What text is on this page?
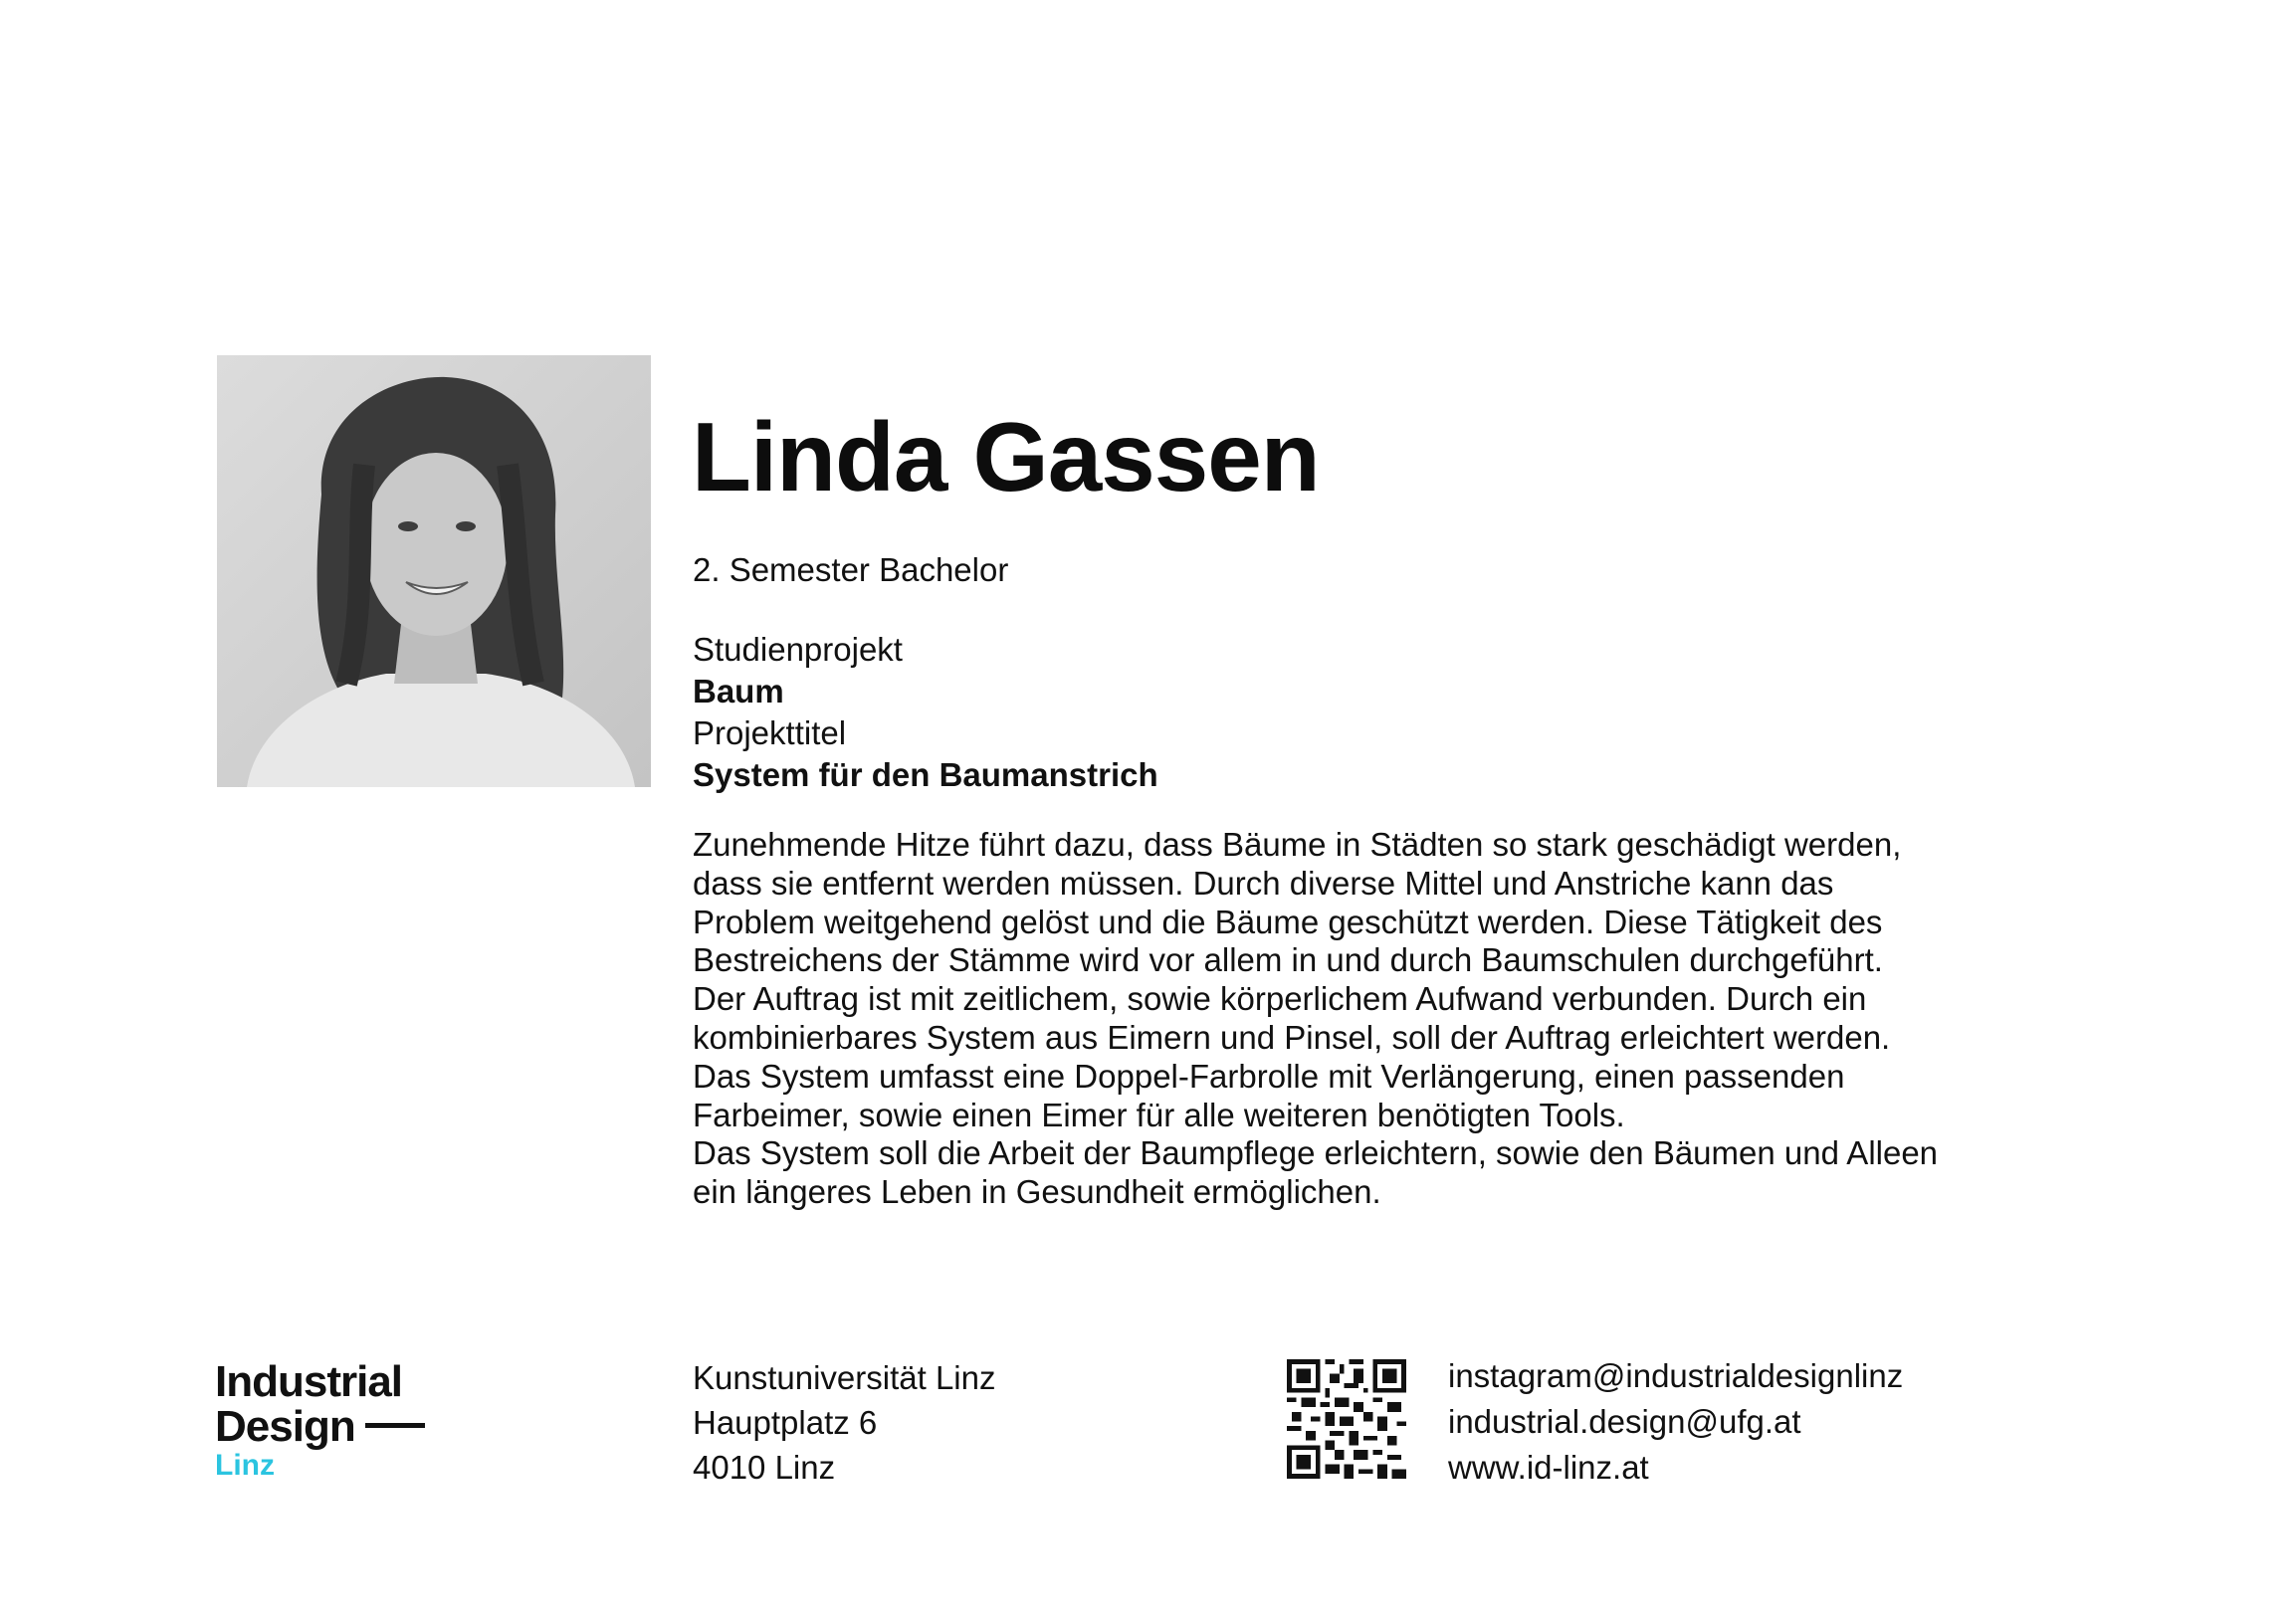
Linda Gassen
2. Semester Bachelor
Studienprojekt
Baum
Projekttitel
System für den Baumanstrich

Zunehmende Hitze führt dazu, dass Bäume in Städten so stark geschädigt werden,

dass sie entfernt werden müssen. Durch diverse Mittel und Anstriche kann das

Problem weitgehend gelöst und die Bäume geschützt werden. Diese Tätigkeit des

Bestreichens der Stämme wird vor allem in und durch Baumschulen durchgeführt.

Der Auftrag ist mit zeitlichem, sowie körperlichem Aufwand verbunden. Durch ein

kombinierbares System aus Eimern und Pinsel, soll der Auftrag erleichtert werden.

Das System umfasst eine Doppel-Farbrolle mit Verlängerung, einen passenden

Farbeimer, sowie einen Eimer für alle weiteren benötigten Tools.

Das System soll die Arbeit der Baumpflege erleichtern, sowie den Bäumen und Alleen

ein längeres Leben in Gesundheit ermöglichen.

Industrial
Design
Linz
Kunstuniversität Linz
Hauptplatz 6
4010 Linz
instagram@industrialdesignlinz
industrial.design@ufg.at
www.id-linz.at
